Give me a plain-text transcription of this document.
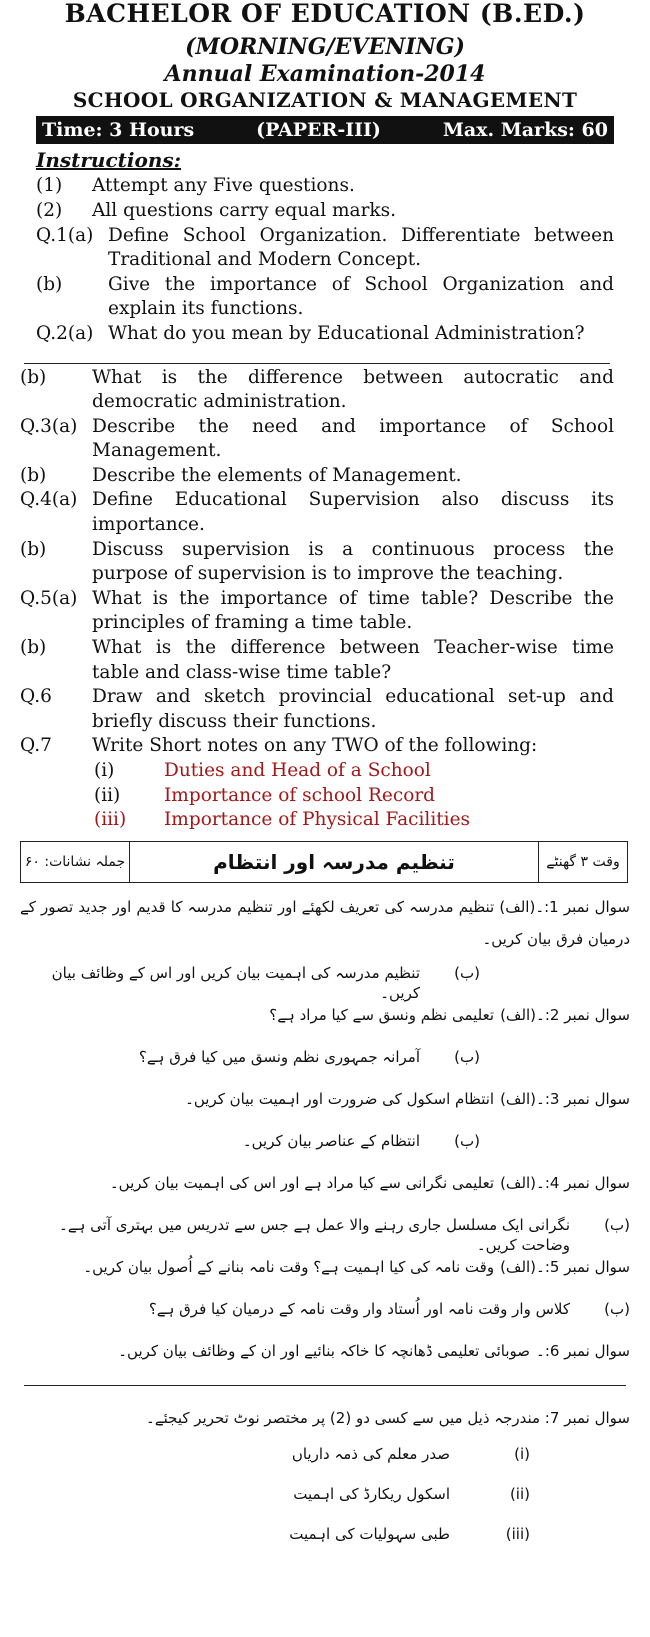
BACHELOR OF EDUCATION (B.ED.)
(MORNING/EVENING)
Annual Examination-2014
SCHOOL ORGANIZATION & MANAGEMENT
Time: 3 Hours	(PAPER-III)	Max. Marks: 60
Instructions:
(1)	Attempt any Five questions.
(2)	All questions carry equal marks.
Q.1(a) Define School Organization. Differentiate between Traditional and Modern Concept.
(b)	Give the importance of School Organization and explain its functions.
Q.2(a) What do you mean by Educational Administration?
(b)	What is the difference between autocratic and democratic administration.
Q.3(a) Describe the need and importance of School Management.
(b)	Describe the elements of Management.
Q.4(a) Define Educational Supervision also discuss its importance.
(b)	Discuss supervision is a continuous process the purpose of supervision is to improve the teaching.
Q.5(a) What is the importance of time table? Describe the principles of framing a time table.
(b)	What is the difference between Teacher-wise time table and class-wise time table?
Q.6	Draw and sketch provincial educational set-up and briefly discuss their functions.
Q.7	Write Short notes on any TWO of the following:
(i)	Duties and Head of a School
(ii)	Importance of school Record
(iii)	Importance of Physical Facilities
جملہ نشانات: ۶۰	تنظیم مدرسہ اور انتظام	وقت ۳ گھنٹے
سوال نمبر 1:۔(الف) تنظیم مدرسہ کی تعریف لکھئے اور تنظیم مدرسہ کا قدیم اور جدید تصور کے درمیان فرق بیان کریں۔
(ب)
تنظیم مدرسہ کی اہمیت بیان کریں اور اس کے وظائف بیان کریں۔
سوال نمبر 2:۔(الف)
تعلیمی نظم ونسق سے کیا مراد ہے؟
(ب)
آمرانہ جمہوری نظم ونسق میں کیا فرق ہے؟
سوال نمبر 3:۔(الف)
انتظام اسکول کی ضرورت اور اہمیت بیان کریں۔
(ب)
انتظام کے عناصر بیان کریں۔
سوال نمبر 4:۔(الف)
تعلیمی نگرانی سے کیا مراد ہے اور اس کی اہمیت بیان کریں۔
(ب)
نگرانی ایک مسلسل جاری رہنے والا عمل ہے جس سے تدریس میں بہتری آتی ہے۔ وضاحت کریں۔
سوال نمبر 5:۔(الف)
وقت نامہ کی کیا اہمیت ہے؟ وقت نامہ بنانے کے اُصول بیان کریں۔
(ب)
کلاس وار وقت نامہ اور اُستاد وار وقت نامہ کے درمیان کیا فرق ہے؟
سوال نمبر 6:۔
صوبائی تعلیمی ڈھانچہ کا خاکہ بنائیے اور ان کے وظائف بیان کریں۔
سوال نمبر 7: مندرجہ ذیل میں سے کسی دو (2) پر مختصر نوٹ تحریر کیجئے۔
(i)
صدر معلم کی ذمہ داریاں
(ii)
اسکول ریکارڈ کی اہمیت
(iii)
طبی سہولیات کی اہمیت
